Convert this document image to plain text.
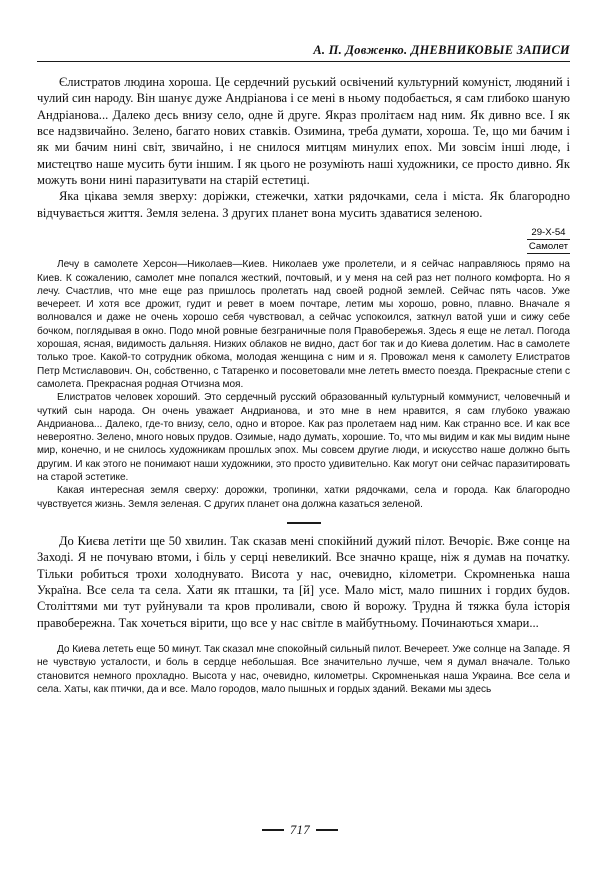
А. П. Довженко. ДНЕВНИКОВЫЕ ЗАПИСИ

Єлистратов людина хороша. Це сердечний руський освічений культурний комуніст, людяний і чулий син народу. Він шанує дуже Андріанова і се мені в ньому подобається, я сам глибоко шаную Андріанова... Далеко десь внизу село, одне й друге. Якраз пролітаєм над ним. Як дивно все. І як все надзвичайно. Зелено, багато нових ставків. Озимина, треба думати, хороша. Те, що ми бачим і як ми бачим нині світ, звичайно, і не снилося митцям минулих епох. Ми зовсім інші люде, і мистецтво наше мусить бути іншим. І як цього не розуміють наші художники, се просто дивно. Як можуть вони нині паразитувати на старій естетиці.

Яка цікава земля зверху: доріжки, стежечки, хатки рядочками, села і міста. Як благородно відчувається життя. Земля зелена. З других планет вона мусить здаватися зеленою.

29-X-54
Самолет

Лечу в самолете Херсон—Николаев—Киев. Николаев уже пролетели, и я сейчас направляюсь прямо на Киев. К сожалению, самолет мне попался жесткий, почтовый, и у меня на сей раз нет полного комфорта. Но я лечу. Счастлив, что мне еще раз пришлось пролетать над своей родной землей. Сейчас пять часов. Уже вечереет. И хотя все дрожит, гудит и ревет в моем почтаре, летим мы хорошо, ровно, плавно. Вначале я волновался и даже не очень хорошо себя чувствовал, а сейчас успокоился, заткнул ватой уши и сижу себе бочком, поглядывая в окно. Подо мной ровные безграничные поля Правобережья. Здесь я еще не летал. Погода хорошая, ясная, видимость дальняя. Низких облаков не видно, даст бог так и до Киева долетим. Нас в самолете только трое. Какой-то сотрудник обкома, молодая женщина с ним и я. Провожал меня к самолету Елистратов Петр Мстиславович. Он, собственно, с Татаренко и посоветовали мне лететь вместо поезда. Прекрасные степи с самолета. Прекрасная родная Отчизна моя.

Елистратов человек хороший. Это сердечный русский образованный культурный коммунист, человечный и чуткий сын народа. Он очень уважает Андрианова, и это мне в нем нравится, я сам глубоко уважаю Андрианова... Далеко, где-то внизу, село, одно и второе. Как раз пролетаем над ним. Как странно все. И как все невероятно. Зелено, много новых прудов. Озимые, надо думать, хорошие. То, что мы видим и как мы видим ныне мир, конечно, и не снилось художникам прошлых эпох. Мы совсем другие люди, и искусство наше должно быть другим. И как этого не понимают наши художники, это просто удивительно. Как могут они сейчас паразитировать на старой эстетике.

Какая интересная земля сверху: дорожки, тропинки, хатки рядочками, села и города. Как благородно чувствуется жизнь. Земля зеленая. С других планет она должна казаться зеленой.

До Києва летіти ще 50 хвилин. Так сказав мені спокійний дужий пілот. Вечоріє. Вже сонце на Заході. Я не почуваю втоми, і біль у серці невеликий. Все значно краще, ніж я думав на початку. Тільки робиться трохи холоднувато. Висота у нас, очевидно, кілометри. Скромненька наша Україна. Все села та села. Хати як пташки, та [й] усе. Мало міст, мало пишних і гордих будов. Століттями ми тут руйнували та кров проливали, свою й ворожу. Трудна й тяжка була історія правобережна. Так хочеться вірити, що все у нас світле в майбутньому. Починаються хмари...

До Киева лететь еще 50 минут. Так сказал мне спокойный сильный пилот. Вечереет. Уже солнце на Западе. Я не чувствую усталости, и боль в сердце небольшая. Все значительно лучше, чем я думал вначале. Только становится немного прохладно. Высота у нас, очевидно, километры. Скромненькая наша Украина. Все села и села. Хаты, как птички, да и все. Мало городов, мало пышных и гордых зданий. Веками мы здесь

717
